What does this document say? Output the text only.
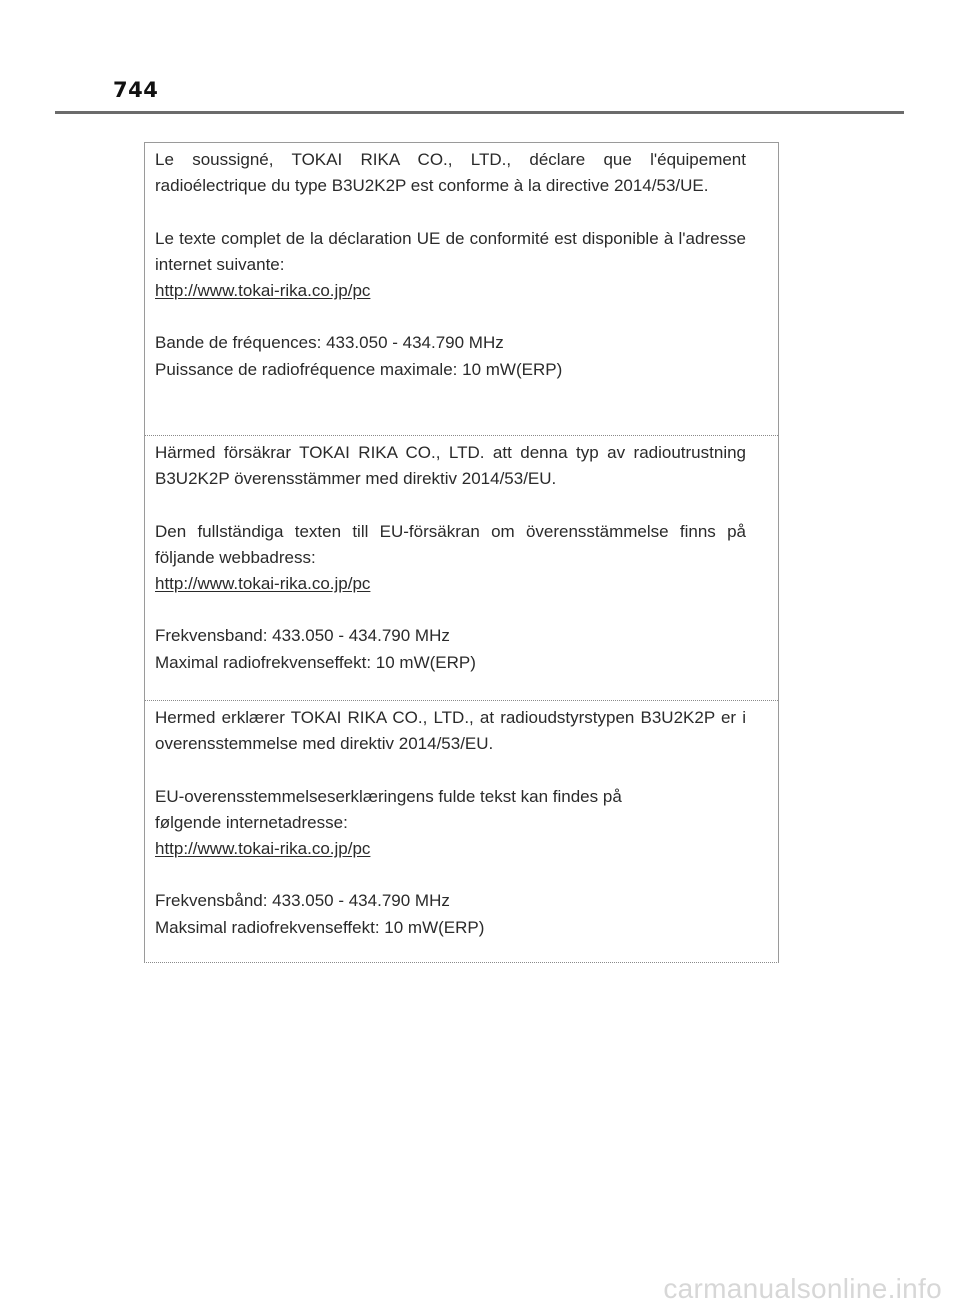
744

Le soussigné, TOKAI RIKA CO., LTD., déclare que l'équipement radioélectrique du type B3U2K2P est conforme à la directive 2014/53/UE.

Le texte complet de la déclaration UE de conformité est disponible à l'adresse internet suivante:

http://www.tokai-rika.co.jp/pc
Bande de fréquences: 433.050 - 434.790 MHz
Puissance de radiofréquence maximale: 10 mW(ERP)

Härmed försäkrar TOKAI RIKA CO., LTD. att denna typ av radioutrustning B3U2K2P överensstämmer med direktiv 2014/53/EU.

Den fullständiga texten till EU-försäkran om överensstämmelse finns på följande webbadress:

http://www.tokai-rika.co.jp/pc
Frekvensband: 433.050 - 434.790 MHz
Maximal radiofrekvenseffekt: 10 mW(ERP)

Hermed erklærer TOKAI RIKA CO., LTD., at radioudstyrstypen B3U2K2P er i overensstemmelse med direktiv 2014/53/EU.

EU-overensstemmelseserklæringens fulde tekst kan findes på
følgende internetadresse:
http://www.tokai-rika.co.jp/pc
Frekvensbånd: 433.050 - 434.790 MHz
Maksimal radiofrekvenseffekt: 10 mW(ERP)
carmanualsonline.info
